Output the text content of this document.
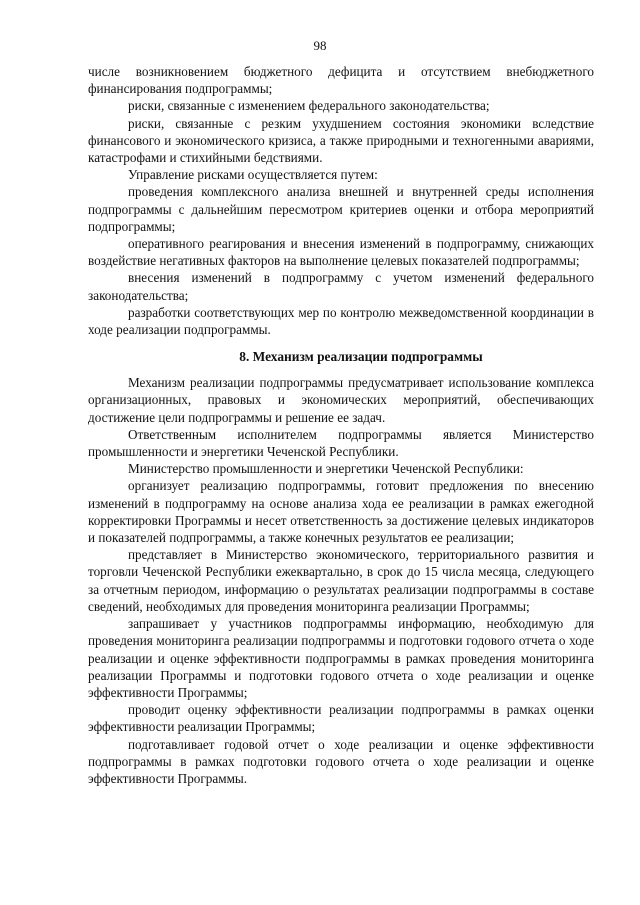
98

числе возникновением бюджетного дефицита и отсутствием внебюджетного финансирования подпрограммы;

риски, связанные с изменением федерального законодательства;

риски, связанные с резким ухудшением состояния экономики вследствие финансового и экономического кризиса, а также природными и техногенными авариями, катастрофами и стихийными бедствиями.

Управление рисками осуществляется путем:

проведения комплексного анализа внешней и внутренней среды исполнения подпрограммы с дальнейшим пересмотром критериев оценки и отбора мероприятий подпрограммы;

оперативного реагирования и внесения изменений в подпрограмму, снижающих воздействие негативных факторов на выполнение целевых показателей подпрограммы;

внесения изменений в подпрограмму с учетом изменений федерального законодательства;

разработки соответствующих мер по контролю межведомственной координации в ходе реализации подпрограммы.

8. Механизм реализации подпрограммы

Механизм реализации подпрограммы предусматривает использование комплекса организационных, правовых и экономических мероприятий, обеспечивающих достижение цели подпрограммы и решение ее задач.

Ответственным исполнителем подпрограммы является Министерство промышленности и энергетики Чеченской Республики.

Министерство промышленности и энергетики Чеченской Республики:

организует реализацию подпрограммы, готовит предложения по внесению изменений в подпрограмму на основе анализа хода ее реализации в рамках ежегодной корректировки Программы и несет ответственность за достижение целевых индикаторов и показателей подпрограммы, а также конечных результатов ее реализации;

представляет в Министерство экономического, территориального развития и торговли Чеченской Республики ежеквартально, в срок до 15 числа месяца, следующего за отчетным периодом, информацию о результатах реализации подпрограммы в составе сведений, необходимых для проведения мониторинга реализации Программы;

запрашивает у участников подпрограммы информацию, необходимую для проведения мониторинга реализации подпрограммы и подготовки годового отчета о ходе реализации и оценке эффективности подпрограммы в рамках проведения мониторинга реализации Программы и подготовки годового отчета о ходе реализации и оценке эффективности Программы;

проводит оценку эффективности реализации подпрограммы в рамках оценки эффективности реализации Программы;

подготавливает годовой отчет о ходе реализации и оценке эффективности подпрограммы в рамках подготовки годового отчета о ходе реализации и оценке эффективности Программы.
